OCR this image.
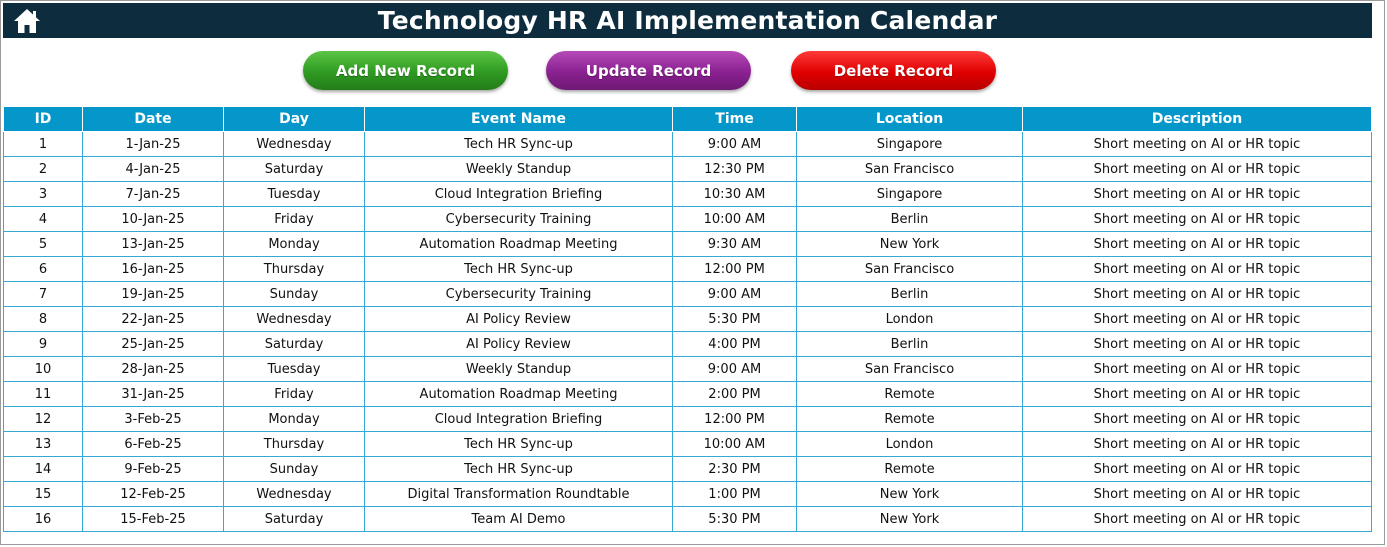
Technology HR AI Implementation Calendar
Add New Record	Update Record	Delete Record
ID	Date	Day	Event Name	Time	Location	Description
1	1-Jan-25	Wednesday	Tech HR Sync-up	9:00 AM	Singapore	Short meeting on AI or HR topic
2	4-Jan-25	Saturday	Weekly Standup	12:30 PM	San Francisco	Short meeting on AI or HR topic
3	7-Jan-25	Tuesday	Cloud Integration Briefing	10:30 AM	Singapore	Short meeting on AI or HR topic
4	10-Jan-25	Friday	Cybersecurity Training	10:00 AM	Berlin	Short meeting on AI or HR topic
5	13-Jan-25	Monday	Automation Roadmap Meeting	9:30 AM	New York	Short meeting on AI or HR topic
6	16-Jan-25	Thursday	Tech HR Sync-up	12:00 PM	San Francisco	Short meeting on AI or HR topic
7	19-Jan-25	Sunday	Cybersecurity Training	9:00 AM	Berlin	Short meeting on AI or HR topic
8	22-Jan-25	Wednesday	AI Policy Review	5:30 PM	London	Short meeting on AI or HR topic
9	25-Jan-25	Saturday	AI Policy Review	4:00 PM	Berlin	Short meeting on AI or HR topic
10	28-Jan-25	Tuesday	Weekly Standup	9:00 AM	San Francisco	Short meeting on AI or HR topic
11	31-Jan-25	Friday	Automation Roadmap Meeting	2:00 PM	Remote	Short meeting on AI or HR topic
12	3-Feb-25	Monday	Cloud Integration Briefing	12:00 PM	Remote	Short meeting on AI or HR topic
13	6-Feb-25	Thursday	Tech HR Sync-up	10:00 AM	London	Short meeting on AI or HR topic
14	9-Feb-25	Sunday	Tech HR Sync-up	2:30 PM	Remote	Short meeting on AI or HR topic
15	12-Feb-25	Wednesday	Digital Transformation Roundtable	1:00 PM	New York	Short meeting on AI or HR topic
16	15-Feb-25	Saturday	Team AI Demo	5:30 PM	New York	Short meeting on AI or HR topic
